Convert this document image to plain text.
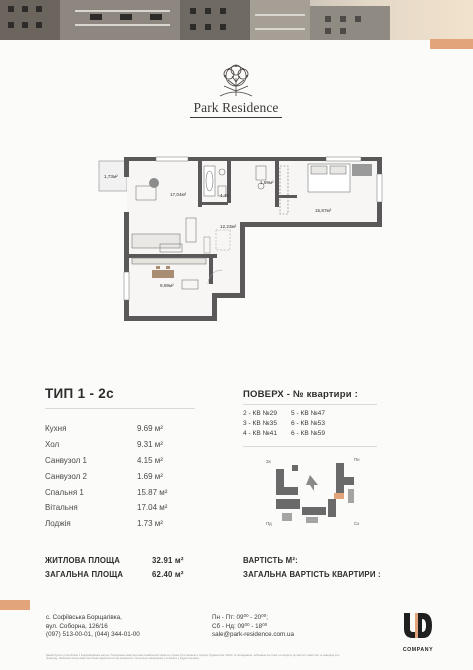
Park Residence
1,73м²
17,04м²	4,15
1,69м²
15,87м²
12,23м²
9,69м²
ТИП 1 - 2с
Кухня	9.69 м²
Хол	9.31 м²
Санвузол 1	4.15 м²
Санвузол 2	1.69 м²
Спальня 1	15.87 м²
Вітальня	17.04 м²
Лоджія	1.73 м²
ПОВЕРХ - № квартири :
2 - КВ №29 5 - КВ №47
3 - КВ №35 6 - КВ №53
4 - КВ №41 6 - КВ №59
Зх	Пн
Пд	Сх
ЖИТЛОВА ПЛОЩА	32.91 м²
ЗАГАЛЬНА ПЛОЩА	62.40 м²
ВАРТІСТЬ М²:
ЗАГАЛЬНА ВАРТІСТЬ КВАРТИРИ :
с. Софіївська Борщагівка,
вул. Соборна, 126/16
(097) 513-00-01, (044) 344-01-00
Пн - Пт: 09⁰⁰ - 20⁰⁰;
Сб - Нд: 09⁰⁰ - 18⁰⁰
sale@park-residence.com.ua
COMPANY
Даний буклет розроблено з інформаційною метою. Планування квартири має ознайомчий характер і може бути змінено в процесі будівництва. Меблі та обладнання, зображені на плані, не входять до вартості квартири та наведені для прикладу. Загальна площа квартири може відрізнятися від зазначеної. Актуальну інформацію уточнюйте у відділі продажу.
